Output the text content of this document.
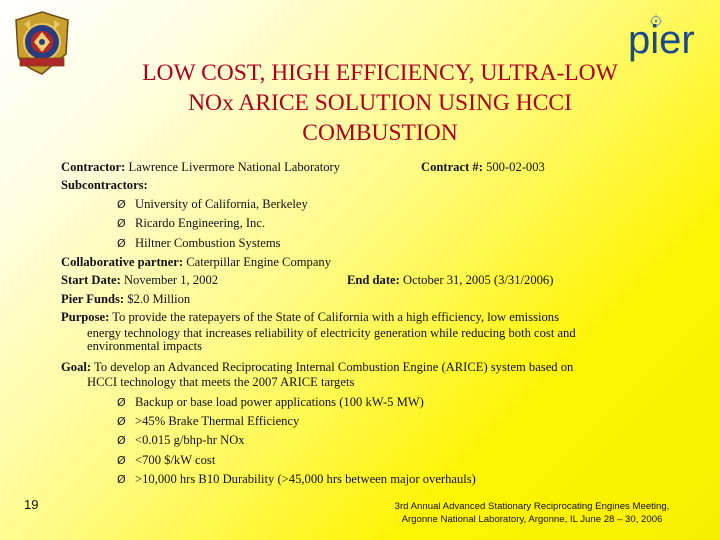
pier
LOW COST, HIGH EFFICIENCY, ULTRA-LOW
NOx ARICE SOLUTION USING HCCI
COMBUSTION
Contractor: Lawrence Livermore National Laboratory	Contract #: 500-02-003
Subcontractors:
Ø University of California, Berkeley
Ø Ricardo Engineering, Inc.
Ø Hiltner Combustion Systems
Collaborative partner: Caterpillar Engine Company
Start Date: November 1, 2002	End date: October 31, 2005 (3/31/2006)
Pier Funds: $2.0 Million
Purpose: To provide the ratepayers of the State of California with a high efficiency, low emissions
energy technology that increases reliability of electricity generation while reducing both cost and
environmental impacts
Goal: To develop an Advanced Reciprocating Internal Combustion Engine (ARICE) system based on
HCCI technology that meets the 2007 ARICE targets
Ø Backup or base load power applications (100 kW-5 MW)
Ø >45% Brake Thermal Efficiency
Ø <0.015 g/bhp-hr NOx
Ø <700 $/kW cost
Ø >10,000 hrs B10 Durability (>45,000 hrs between major overhauls)
19	3rd Annual Advanced Stationary Reciprocating Engines Meeting,
Argonne National Laboratory, Argonne, IL June 28 – 30, 2006
